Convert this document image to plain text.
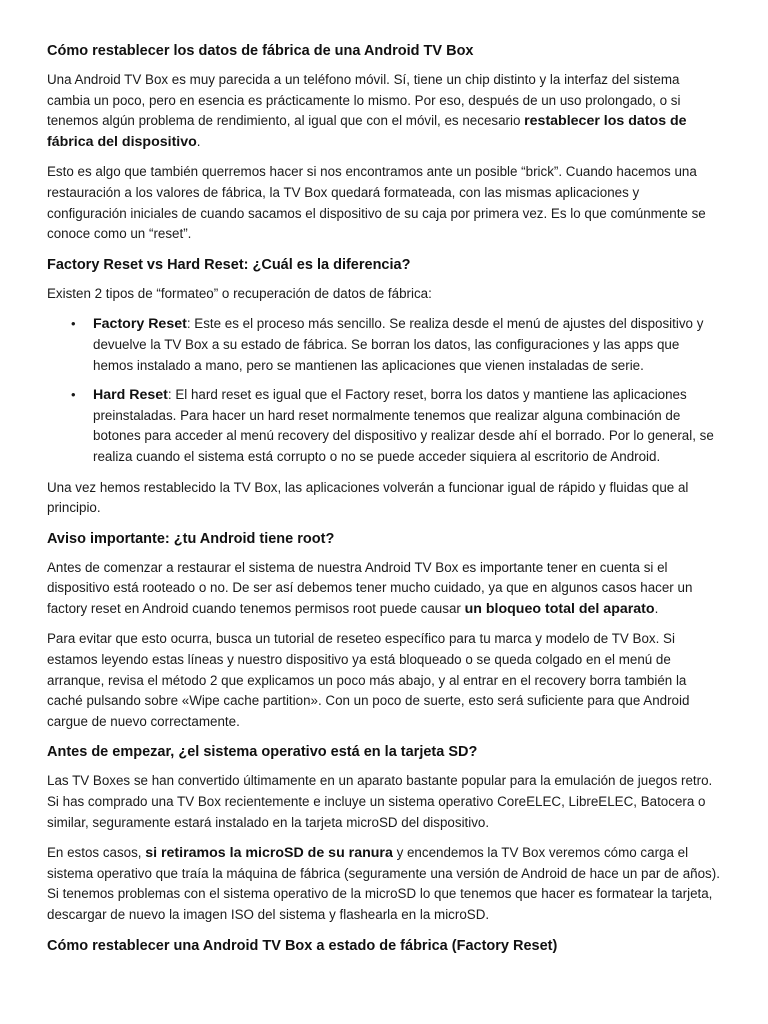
Cómo restablecer los datos de fábrica de una Android TV Box

Una Android TV Box es muy parecida a un teléfono móvil. Sí, tiene un chip distinto y la interfaz del sistema cambia un poco, pero en esencia es prácticamente lo mismo. Por eso, después de un uso prolongado, o si tenemos algún problema de rendimiento, al igual que con el móvil, es necesario restablecer los datos de fábrica del dispositivo.

Esto es algo que también querremos hacer si nos encontramos ante un posible “brick”. Cuando hacemos una restauración a los valores de fábrica, la TV Box quedará formateada, con las mismas aplicaciones y configuración iniciales de cuando sacamos el dispositivo de su caja por primera vez. Es lo que comúnmente se conoce como un “reset”.

Factory Reset vs Hard Reset: ¿Cuál es la diferencia?

Existen 2 tipos de “formateo” o recuperación de datos de fábrica:

• Factory Reset: Este es el proceso más sencillo. Se realiza desde el menú de ajustes del dispositivo y devuelve la TV Box a su estado de fábrica. Se borran los datos, las configuraciones y las apps que hemos instalado a mano, pero se mantienen las aplicaciones que vienen instaladas de serie.
• Hard Reset: El hard reset es igual que el Factory reset, borra los datos y mantiene las aplicaciones preinstaladas. Para hacer un hard reset normalmente tenemos que realizar alguna combinación de botones para acceder al menú recovery del dispositivo y realizar desde ahí el borrado. Por lo general, se realiza cuando el sistema está corrupto o no se puede acceder siquiera al escritorio de Android.

Una vez hemos restablecido la TV Box, las aplicaciones volverán a funcionar igual de rápido y fluidas que al principio.

Aviso importante: ¿tu Android tiene root?

Antes de comenzar a restaurar el sistema de nuestra Android TV Box es importante tener en cuenta si el dispositivo está rooteado o no. De ser así debemos tener mucho cuidado, ya que en algunos casos hacer un factory reset en Android cuando tenemos permisos root puede causar un bloqueo total del aparato.

Para evitar que esto ocurra, busca un tutorial de reseteo específico para tu marca y modelo de TV Box. Si estamos leyendo estas líneas y nuestro dispositivo ya está bloqueado o se queda colgado en el menú de arranque, revisa el método 2 que explicamos un poco más abajo, y al entrar en el recovery borra también la caché pulsando sobre «Wipe cache partition». Con un poco de suerte, esto será suficiente para que Android cargue de nuevo correctamente.

Antes de empezar, ¿el sistema operativo está en la tarjeta SD?

Las TV Boxes se han convertido últimamente en un aparato bastante popular para la emulación de juegos retro. Si has comprado una TV Box recientemente e incluye un sistema operativo CoreELEC, LibreELEC, Batocera o similar, seguramente estará instalado en la tarjeta microSD del dispositivo.

En estos casos, si retiramos la microSD de su ranura y encendemos la TV Box veremos cómo carga el sistema operativo que traía la máquina de fábrica (seguramente una versión de Android de hace un par de años). Si tenemos problemas con el sistema operativo de la microSD lo que tenemos que hacer es formatear la tarjeta, descargar de nuevo la imagen ISO del sistema y flashearla en la microSD.

Cómo restablecer una Android TV Box a estado de fábrica (Factory Reset)
